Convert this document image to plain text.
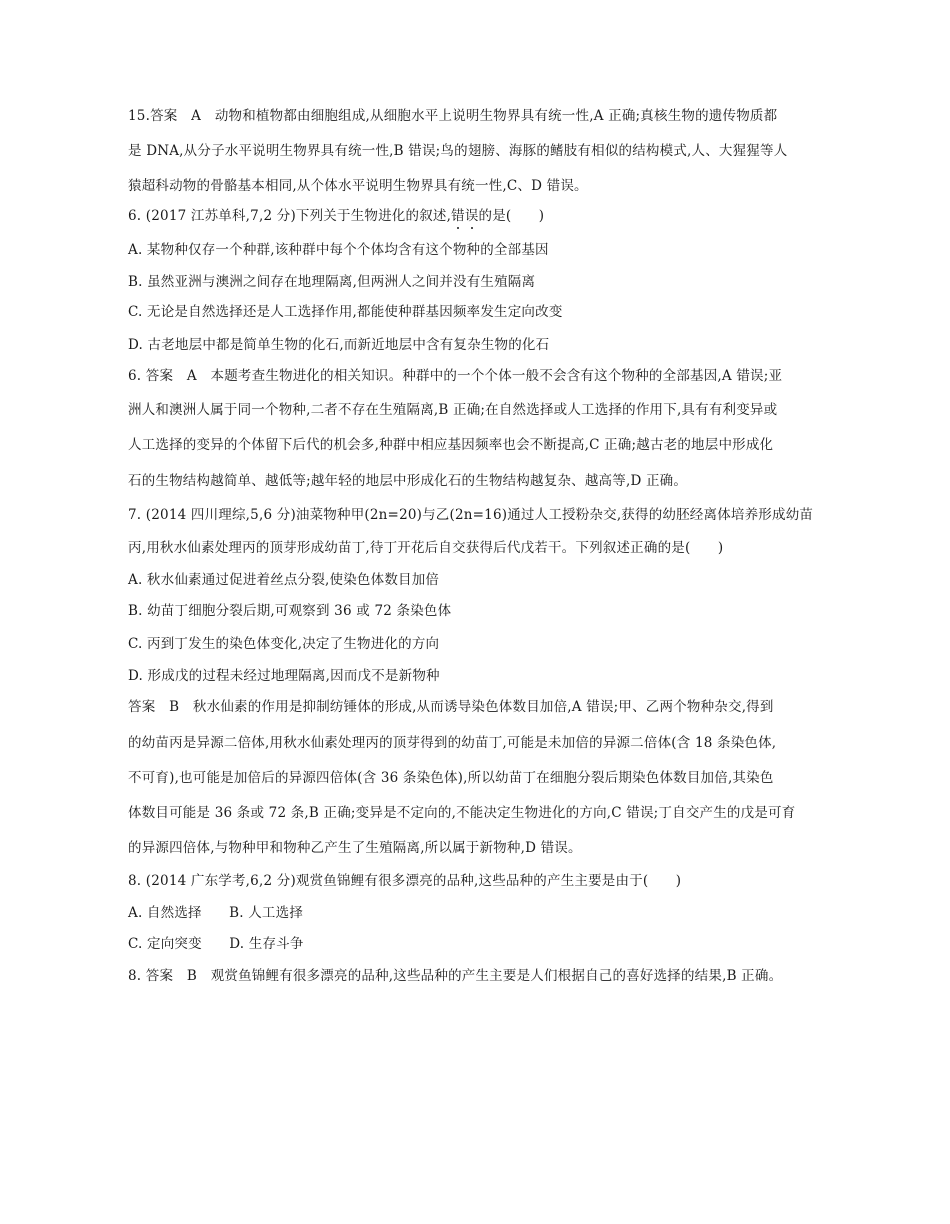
15.答案　A　动物和植物都由细胞组成,从细胞水平上说明生物界具有统一性,A 正确;真核生物的遗传物质都
是 DNA,从分子水平说明生物界具有统一性,B 错误;鸟的翅膀、海豚的鳍肢有相似的结构模式,人、大猩猩等人
猿超科动物的骨骼基本相同,从个体水平说明生物界具有统一性,C、D 错误。
6. (2017 江苏单科,7,2 分)下列关于生物进化的叙述,错误的是(　　)
A. 某物种仅存一个种群,该种群中每个个体均含有这个物种的全部基因
B. 虽然亚洲与澳洲之间存在地理隔离,但两洲人之间并没有生殖隔离
C. 无论是自然选择还是人工选择作用,都能使种群基因频率发生定向改变
D. 古老地层中都是简单生物的化石,而新近地层中含有复杂生物的化石
6. 答案　A　本题考查生物进化的相关知识。种群中的一个个体一般不会含有这个物种的全部基因,A 错误;亚
洲人和澳洲人属于同一个物种,二者不存在生殖隔离,B 正确;在自然选择或人工选择的作用下,具有有利变异或
人工选择的变异的个体留下后代的机会多,种群中相应基因频率也会不断提高,C 正确;越古老的地层中形成化
石的生物结构越简单、越低等;越年轻的地层中形成化石的生物结构越复杂、越高等,D 正确。
7. (2014 四川理综,5,6 分)油菜物种甲(2n=20)与乙(2n=16)通过人工授粉杂交,获得的幼胚经离体培养形成幼苗
丙,用秋水仙素处理丙的顶芽形成幼苗丁,待丁开花后自交获得后代戊若干。下列叙述正确的是(　　)
A. 秋水仙素通过促进着丝点分裂,使染色体数目加倍
B. 幼苗丁细胞分裂后期,可观察到 36 或 72 条染色体
C. 丙到丁发生的染色体变化,决定了生物进化的方向
D. 形成戊的过程未经过地理隔离,因而戊不是新物种
答案　B　秋水仙素的作用是抑制纺锤体的形成,从而诱导染色体数目加倍,A 错误;甲、乙两个物种杂交,得到
的幼苗丙是异源二倍体,用秋水仙素处理丙的顶芽得到的幼苗丁,可能是未加倍的异源二倍体(含 18 条染色体,
不可育),也可能是加倍后的异源四倍体(含 36 条染色体),所以幼苗丁在细胞分裂后期染色体数目加倍,其染色
体数目可能是 36 条或 72 条,B 正确;变异是不定向的,不能决定生物进化的方向,C 错误;丁自交产生的戊是可育
的异源四倍体,与物种甲和物种乙产生了生殖隔离,所以属于新物种,D 错误。
8. (2014 广东学考,6,2 分)观赏鱼锦鲤有很多漂亮的品种,这些品种的产生主要是由于(　　)
A. 自然选择　　B. 人工选择
C. 定向突变　　D. 生存斗争
8. 答案　B　观赏鱼锦鲤有很多漂亮的品种,这些品种的产生主要是人们根据自己的喜好选择的结果,B 正确。
